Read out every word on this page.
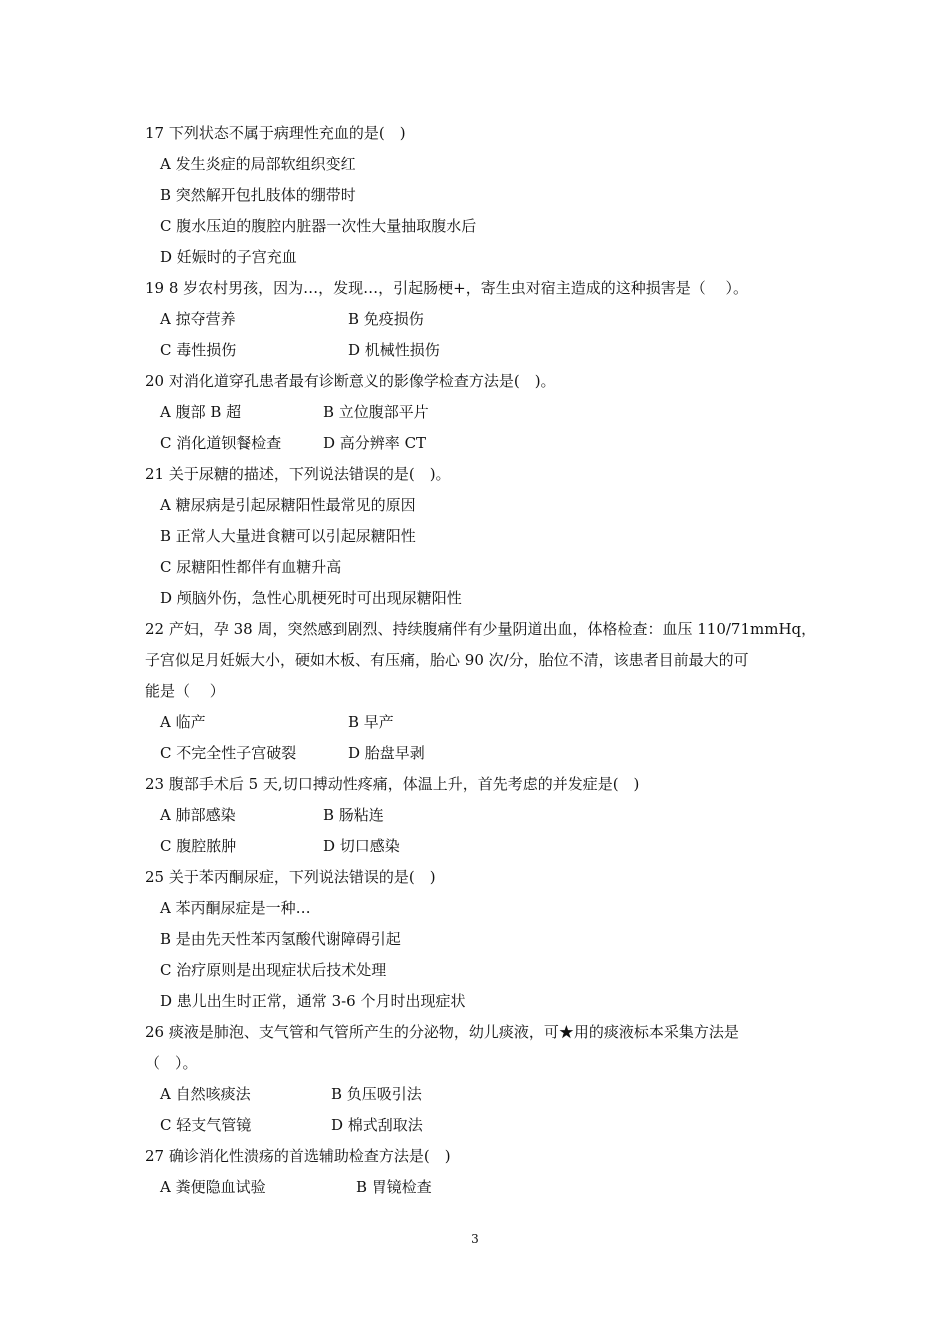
17 下列状态不属于病理性充血的是(　)
A 发生炎症的局部软组织变红
B 突然解开包扎肢体的绷带时
C 腹水压迫的腹腔内脏器一次性大量抽取腹水后
D 妊娠时的子宫充血
19 8 岁农村男孩，因为…，发现…，引起肠梗+，寄生虫对宿主造成的这种损害是（　 ）。
A 掠夺营养	B 免疫损伤
C 毒性损伤	D 机械性损伤
20 对消化道穿孔患者最有诊断意义的影像学检查方法是(　)。
A 腹部 B 超	B 立位腹部平片
C 消化道钡餐检查	D 高分辨率 CT
21 关于尿糖的描述，下列说法错误的是(　)。
A 糖尿病是引起尿糖阳性最常见的原因
B 正常人大量进食糖可以引起尿糖阳性
C 尿糖阳性都伴有血糖升高
D 颅脑外伤，急性心肌梗死时可出现尿糖阳性
22 产妇，孕 38 周，突然感到剧烈、持续腹痛伴有少量阴道出血，体格检查：血压 110/71mmHq，
子宫似足月妊娠大小，硬如木板、有压痛，胎心 90 次/分，胎位不清，该患者目前最大的可
能是（　 ）
A 临产	B 早产
C 不完全性子宫破裂	D 胎盘早剥
23 腹部手术后 5 天,切口搏动性疼痛，体温上升，首先考虑的并发症是(　)
A 肺部感染	B 肠粘连
C 腹腔脓肿	D 切口感染
25 关于苯丙酮尿症，下列说法错误的是(　)
A 苯丙酮尿症是一种…
B 是由先天性苯丙氢酸代谢障碍引起
C 治疗原则是出现症状后技术处理
D 患儿出生时正常，通常 3-6 个月时出现症状
26 痰液是肺泡、支气管和气管所产生的分泌物，幼儿痰液，可★用的痰液标本采集方法是
（　）。
A 自然咳痰法	B 负压吸引法
C 轻支气管镜	D 棉式刮取法
27 确诊消化性溃疡的首选辅助检查方法是(　)
A 粪便隐血试验	B 胃镜检查
3
